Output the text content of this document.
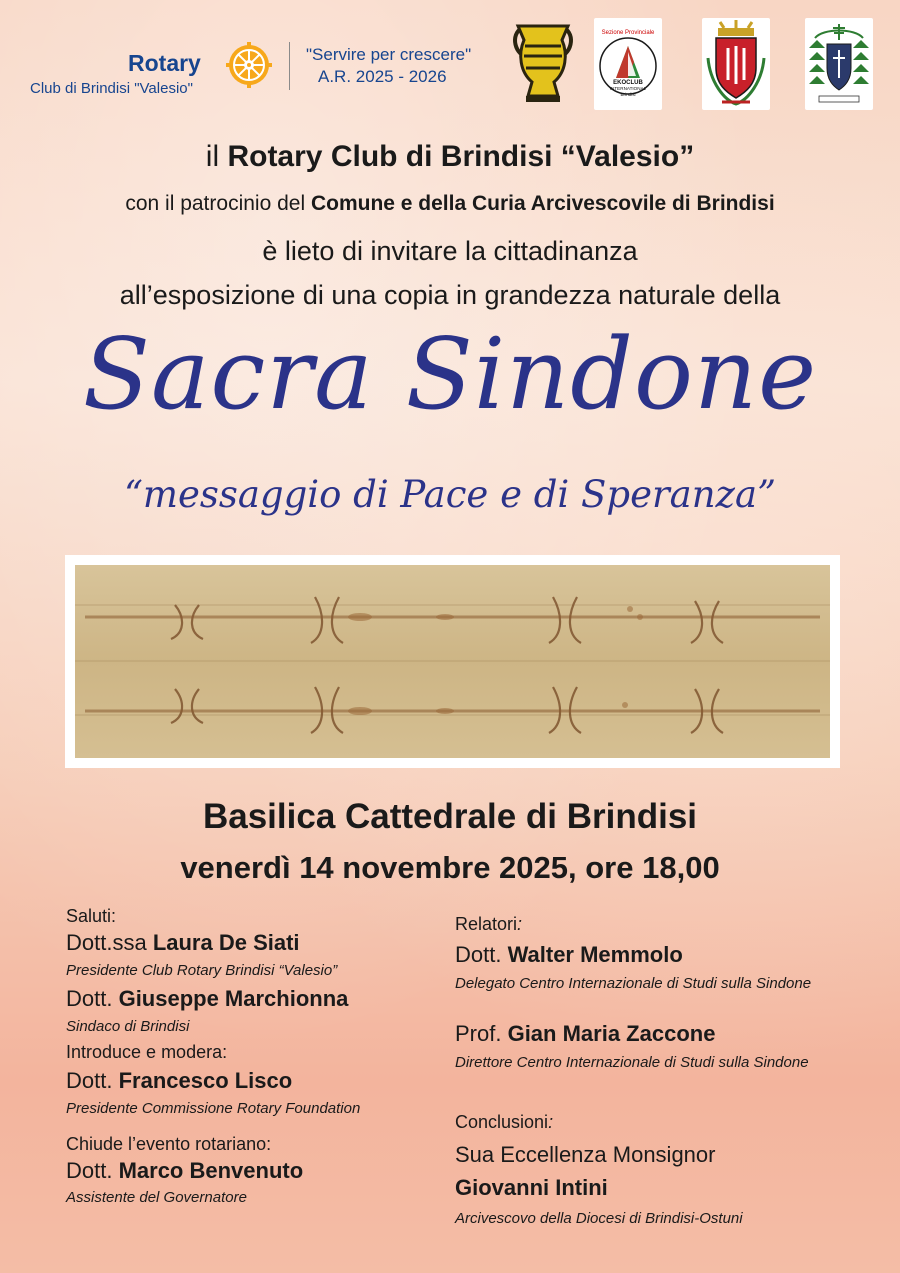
Rotary
Club di Brindisi "Valesio"
"Servire per crescere"
A.R. 2025 - 2026
Sezione Provinciale
EKOCLUB
INTERNATIONAL
Brindisi
il Rotary Club di Brindisi “Valesio”
con il patrocinio del Comune e della Curia Arcivescovile di Brindisi
è lieto di invitare la cittadinanza
all’esposizione di una copia in grandezza naturale della
Sacra Sindone
“messaggio di Pace e di Speranza”
Basilica Cattedrale di Brindisi
venerdì 14 novembre 2025, ore 18,00
Saluti:
Dott.ssa Laura De Siati
Presidente Club Rotary Brindisi “Valesio”
Dott. Giuseppe Marchionna
Sindaco di Brindisi
Introduce e modera:
Dott. Francesco Lisco
Presidente Commissione Rotary Foundation
Chiude l’evento rotariano:
Dott. Marco Benvenuto
Assistente del Governatore
Relatori:
Dott. Walter Memmolo
Delegato Centro Internazionale di Studi sulla Sindone
Prof. Gian Maria Zaccone
Direttore Centro Internazionale di Studi sulla Sindone
Conclusioni:
Sua Eccellenza Monsignor
Giovanni Intini
Arcivescovo della Diocesi di Brindisi-Ostuni
